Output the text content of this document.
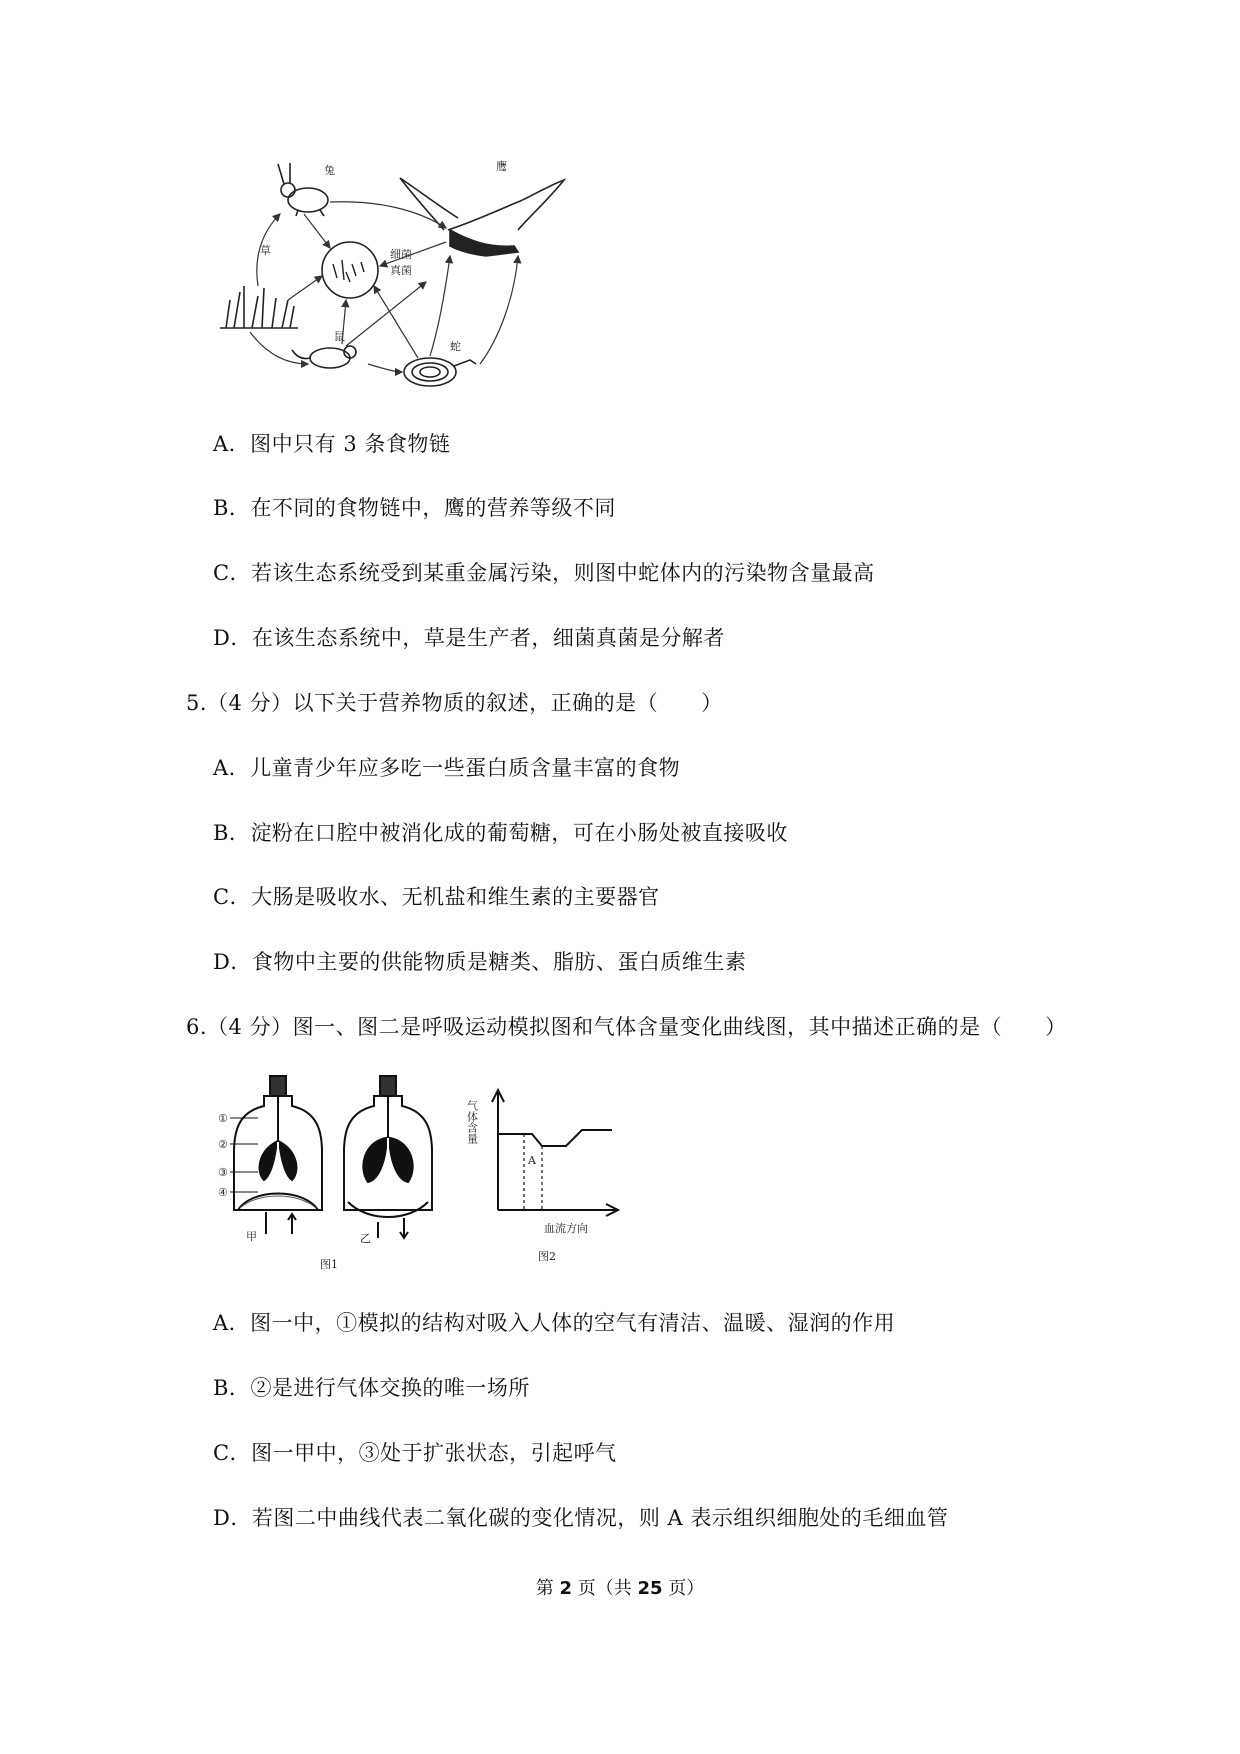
兔	鹰
细菌
真菌
草
鼠
蛇
A．图中只有 3 条食物链
B．在不同的食物链中，鹰的营养等级不同
C．若该生态系统受到某重金属污染，则图中蛇体内的污染物含量最高
D．在该生态系统中，草是生产者，细菌真菌是分解者
5.（4 分）以下关于营养物质的叙述，正确的是（　　）
A．儿童青少年应多吃一些蛋白质含量丰富的食物
B．淀粉在口腔中被消化成的葡萄糖，可在小肠处被直接吸收
C．大肠是吸收水、无机盐和维生素的主要器官
D．食物中主要的供能物质是糖类、脂肪、蛋白质维生素
6.（4 分）图一、图二是呼吸运动模拟图和气体含量变化曲线图，其中描述正确的是（　　）
①
②
③
④
甲	乙
图1
A
气体含量
血流方向
图2
A．图一中，①模拟的结构对吸入人体的空气有清洁、温暖、湿润的作用
B．②是进行气体交换的唯一场所
C．图一甲中，③处于扩张状态，引起呼气
D．若图二中曲线代表二氧化碳的变化情况，则 A 表示组织细胞处的毛细血管
第 2 页（共 25 页）
